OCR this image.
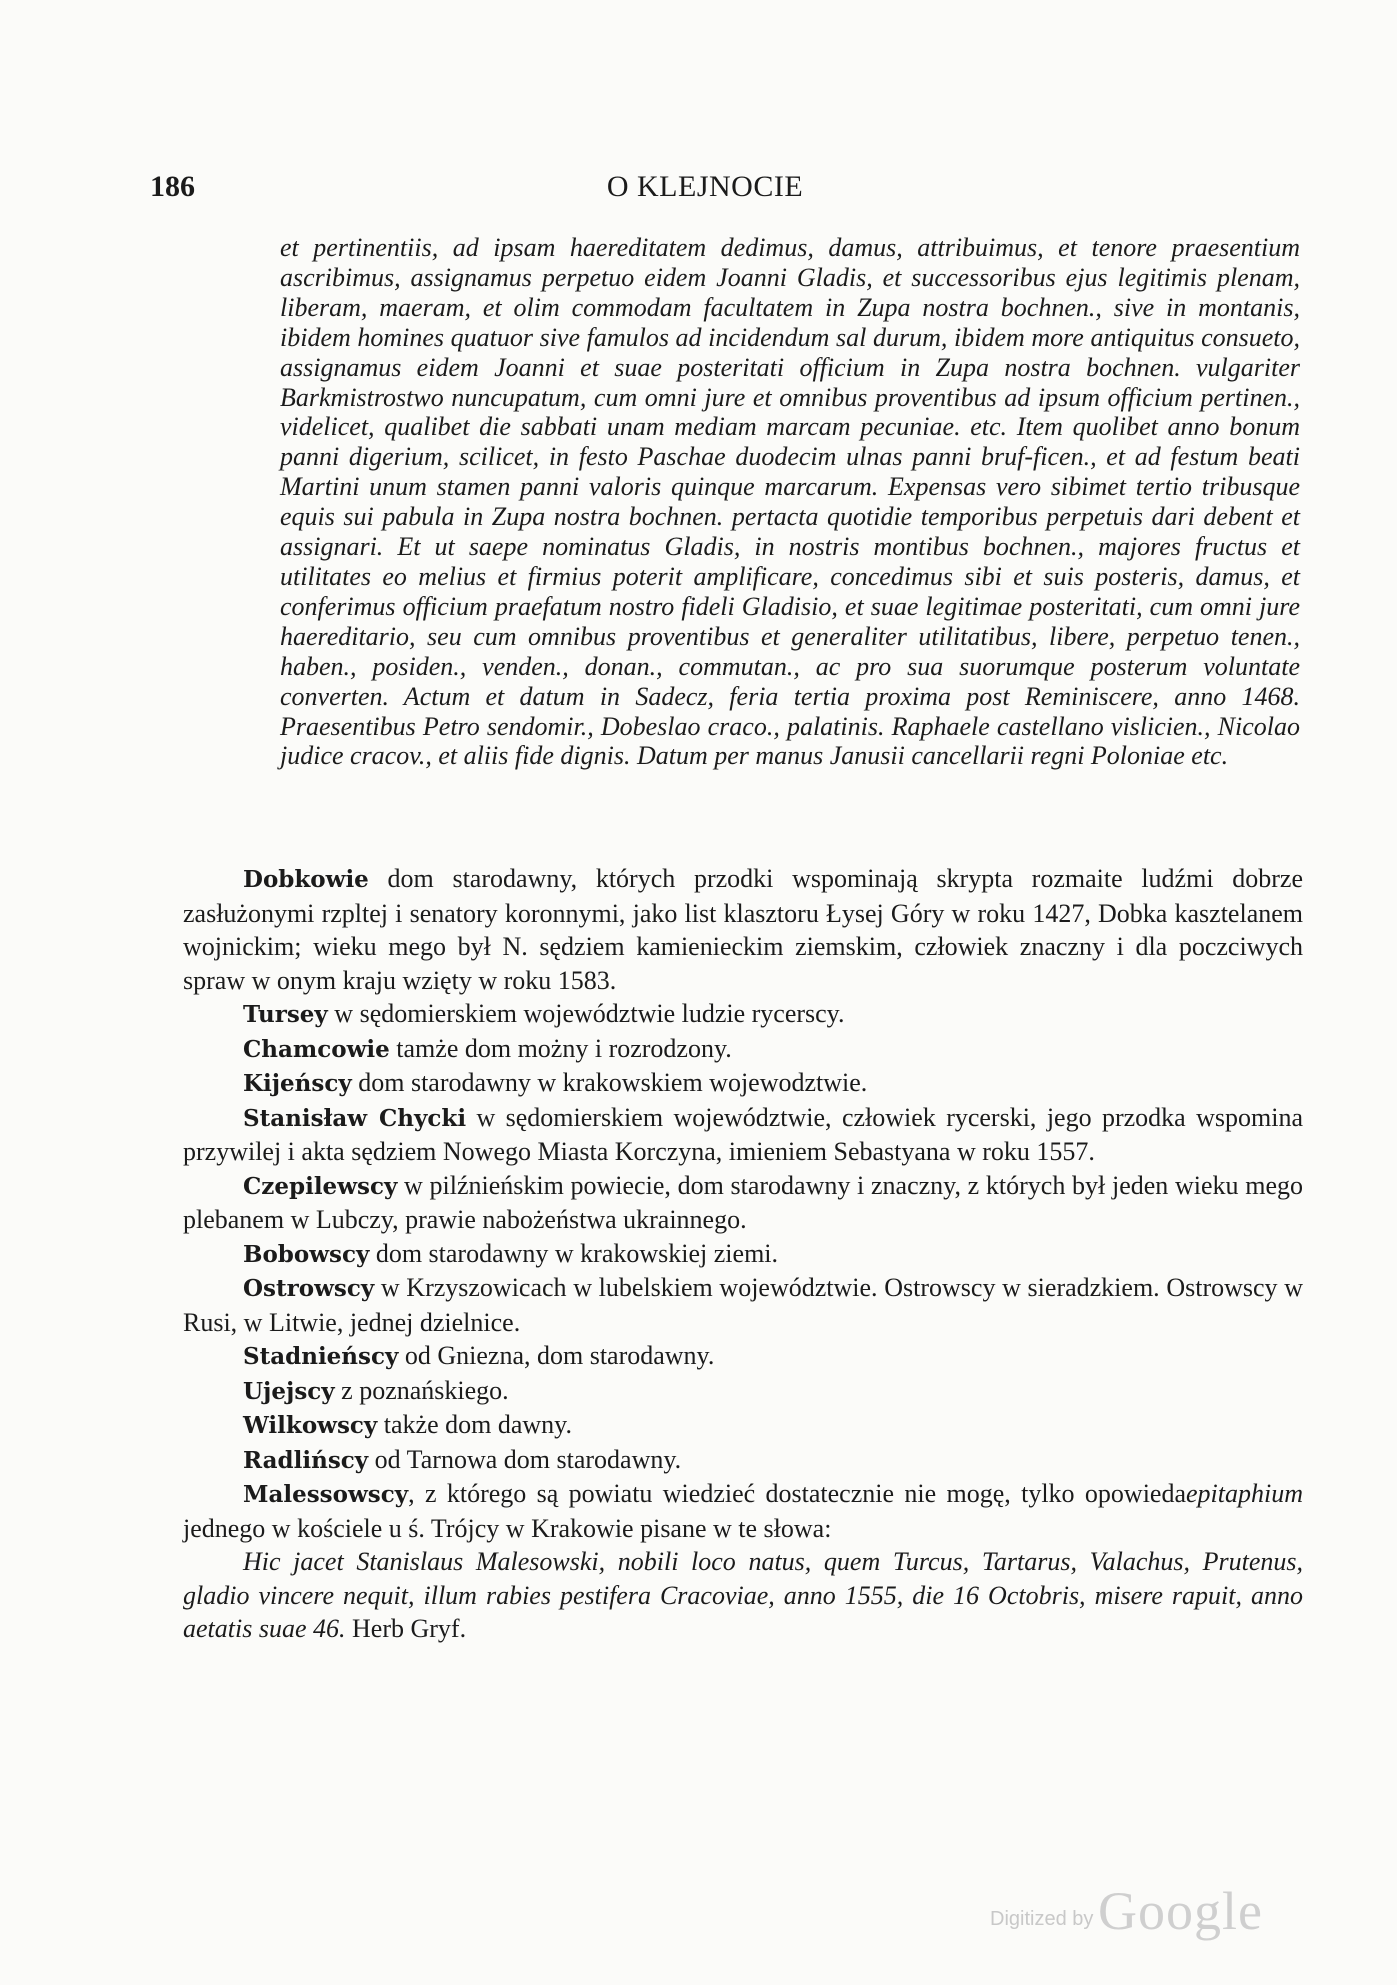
186	O KLEJNOCIE

et pertinentiis, ad ipsam haereditatem dedimus, damus, attribuimus, et tenore praesentium ascribimus, assignamus perpetuo eidem Joanni Gladis, et successoribus ejus legitimis plenam, liberam, maeram, et olim commodam facultatem in Zupa nostra bochnen., sive in montanis, ibidem homines quatuor sive famulos ad incidendum sal durum, ibidem more antiquitus consueto, assignamus eidem Joanni et suae posteritati officium in Zupa nostra bochnen. vulgariter Barkmistrostwo nuncupatum, cum omni jure et omnibus proventibus ad ipsum officium pertinen., videlicet, qualibet die sabbati unam mediam marcam pecuniae. etc. Item quolibet anno bonum panni digerium, scilicet, in festo Paschae duodecim ulnas panni bruf-ficen., et ad festum beati Martini unum stamen panni valoris quinque marcarum. Expensas vero sibimet tertio tribusque equis sui pabula in Zupa nostra bochnen. pertacta quotidie temporibus perpetuis dari debent et assignari. Et ut saepe nominatus Gladis, in nostris montibus bochnen., majores fructus et utilitates eo melius et firmius poterit amplificare, concedimus sibi et suis posteris, damus, et conferimus officium praefatum nostro fideli Gladisio, et suae legitimae posteritati, cum omni jure haereditario, seu cum omnibus proventibus et generaliter utilitatibus, libere, perpetuo tenen., haben., posiden., venden., donan., commutan., ac pro sua suorumque posterum voluntate converten. Actum et datum in Sadecz, feria tertia proxima post Reminiscere, anno 1468. Praesentibus Petro sendomir., Dobeslao craco., palatinis. Raphaele castellano vislicien., Nicolao judice cracov., et aliis fide dignis. Datum per manus Janusii cancellarii regni Poloniae etc.

Dobkowie dom starodawny, których przodki wspominają skrypta rozmaite ludźmi dobrze zasłużonymi rzpltej i senatory koronnymi, jako list klasztoru Łysej Góry w roku 1427, Dobka kasztelanem wojnickim; wieku mego był N. sędziem kamienieckim ziemskim, człowiek znaczny i dla poczciwych spraw w onym kraju wzięty w roku 1583.

Tursey w sędomierskiem województwie ludzie rycerscy.

Chamcowie tamże dom możny i rozrodzony.

Kijeńscy dom starodawny w krakowskiem wojewodztwie.

Stanisław Chycki w sędomierskiem województwie, człowiek rycerski, jego przodka wspomina przywilej i akta sędziem Nowego Miasta Korczyna, imieniem Sebastyana w roku 1557.

Czepilewscy w pilźnieńskim powiecie, dom starodawny i znaczny, z których był jeden wieku mego plebanem w Lubczy, prawie nabożeństwa ukrainnego.

Bobowscy dom starodawny w krakowskiej ziemi.

Ostrowscy w Krzyszowicach w lubelskiem województwie. Ostrowscy w sieradzkiem. Ostrowscy w Rusi, w Litwie, jednej dzielnice.

Stadnieńscy od Gniezna, dom starodawny.

Ujejscy z poznańskiego.

Wilkowscy także dom dawny.

Radlińscy od Tarnowa dom starodawny.

Malessowscy, z którego są powiatu wiedzieć dostatecznie nie mogę, tylko opowiedaepitaphium jednego w kościele u ś. Trójcy w Krakowie pisane w te słowa:

Hic jacet Stanislaus Malesowski, nobili loco natus, quem Turcus, Tartarus, Valachus, Prutenus, gladio vincere nequit, illum rabies pestifera Cracoviae, anno 1555, die 16 Octobris, misere rapuit, anno aetatis suae 46. Herb Gryf.

Digitized by Google
